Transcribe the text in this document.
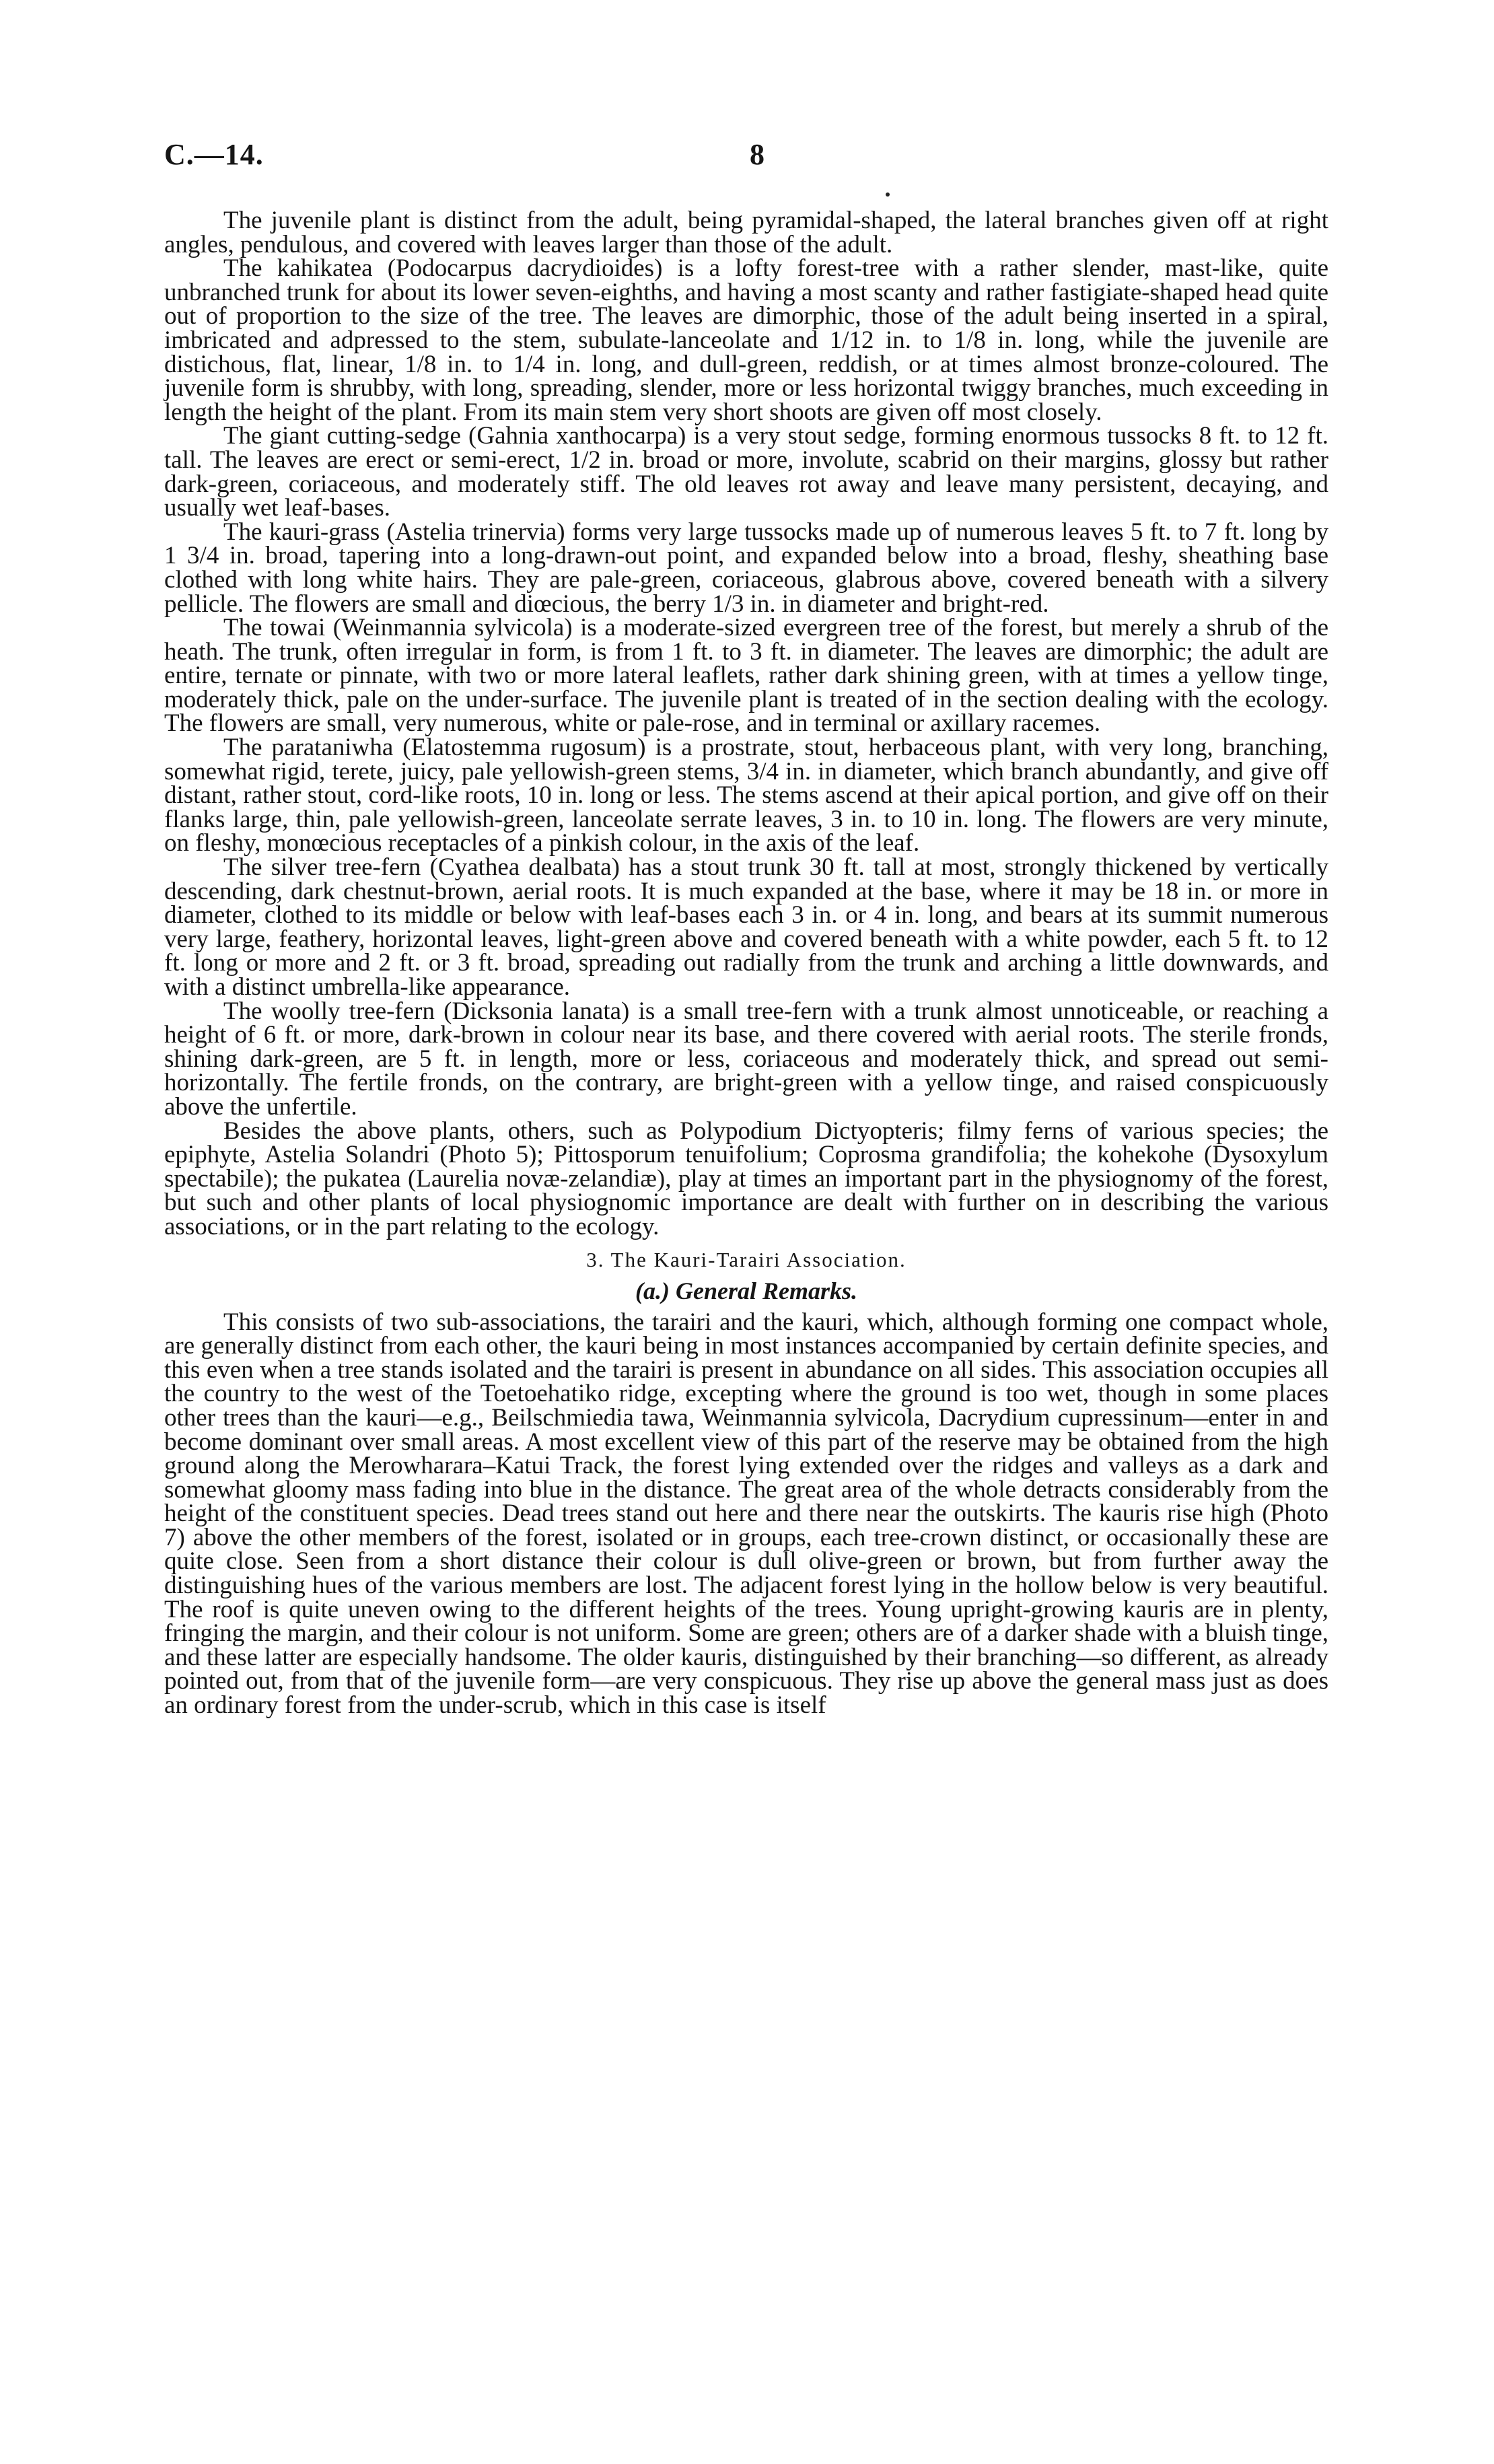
C.—14.	8

The juvenile plant is distinct from the adult, being pyramidal-shaped, the lateral branches given off at right angles, pendulous, and covered with leaves larger than those of the adult.

The kahikatea (Podocarpus dacrydioides) is a lofty forest-tree with a rather slender, mast-like, quite unbranched trunk for about its lower seven-eighths, and having a most scanty and rather fastigiate-shaped head quite out of proportion to the size of the tree. The leaves are dimorphic, those of the adult being inserted in a spiral, imbricated and adpressed to the stem, subulate-lanceolate and 1/12 in. to 1/8 in. long, while the juvenile are distichous, flat, linear, 1/8 in. to 1/4 in. long, and dull-green, reddish, or at times almost bronze-coloured. The juvenile form is shrubby, with long, spreading, slender, more or less horizontal twiggy branches, much exceeding in length the height of the plant. From its main stem very short shoots are given off most closely.

The giant cutting-sedge (Gahnia xanthocarpa) is a very stout sedge, forming enormous tussocks 8 ft. to 12 ft. tall. The leaves are erect or semi-erect, 1/2 in. broad or more, involute, scabrid on their margins, glossy but rather dark-green, coriaceous, and moderately stiff. The old leaves rot away and leave many persistent, decaying, and usually wet leaf-bases.

The kauri-grass (Astelia trinervia) forms very large tussocks made up of numerous leaves 5 ft. to 7 ft. long by 1 3/4 in. broad, tapering into a long-drawn-out point, and expanded below into a broad, fleshy, sheathing base clothed with long white hairs. They are pale-green, coriaceous, glabrous above, covered beneath with a silvery pellicle. The flowers are small and diœcious, the berry 1/3 in. in diameter and bright-red.

The towai (Weinmannia sylvicola) is a moderate-sized evergreen tree of the forest, but merely a shrub of the heath. The trunk, often irregular in form, is from 1 ft. to 3 ft. in diameter. The leaves are dimorphic; the adult are entire, ternate or pinnate, with two or more lateral leaflets, rather dark shining green, with at times a yellow tinge, moderately thick, pale on the under-surface. The juvenile plant is treated of in the section dealing with the ecology. The flowers are small, very numerous, white or pale-rose, and in terminal or axillary racemes.

The parataniwha (Elatostemma rugosum) is a prostrate, stout, herbaceous plant, with very long, branching, somewhat rigid, terete, juicy, pale yellowish-green stems, 3/4 in. in diameter, which branch abundantly, and give off distant, rather stout, cord-like roots, 10 in. long or less. The stems ascend at their apical portion, and give off on their flanks large, thin, pale yellowish-green, lanceolate serrate leaves, 3 in. to 10 in. long. The flowers are very minute, on fleshy, monœcious receptacles of a pinkish colour, in the axis of the leaf.

The silver tree-fern (Cyathea dealbata) has a stout trunk 30 ft. tall at most, strongly thickened by vertically descending, dark chestnut-brown, aerial roots. It is much expanded at the base, where it may be 18 in. or more in diameter, clothed to its middle or below with leaf-bases each 3 in. or 4 in. long, and bears at its summit numerous very large, feathery, horizontal leaves, light-green above and covered beneath with a white powder, each 5 ft. to 12 ft. long or more and 2 ft. or 3 ft. broad, spreading out radially from the trunk and arching a little downwards, and with a distinct umbrella-like appearance.

The woolly tree-fern (Dicksonia lanata) is a small tree-fern with a trunk almost unnoticeable, or reaching a height of 6 ft. or more, dark-brown in colour near its base, and there covered with aerial roots. The sterile fronds, shining dark-green, are 5 ft. in length, more or less, coriaceous and moderately thick, and spread out semi-horizontally. The fertile fronds, on the contrary, are bright-green with a yellow tinge, and raised conspicuously above the unfertile.

Besides the above plants, others, such as Polypodium Dictyopteris; filmy ferns of various species; the epiphyte, Astelia Solandri (Photo 5); Pittosporum tenuifolium; Coprosma grandifolia; the kohekohe (Dysoxylum spectabile); the pukatea (Laurelia novæ-zelandiæ), play at times an important part in the physiognomy of the forest, but such and other plants of local physiognomic importance are dealt with further on in describing the various associations, or in the part relating to the ecology.

3. The Kauri-Tarairi Association.

(a.) General Remarks.

This consists of two sub-associations, the tarairi and the kauri, which, although forming one compact whole, are generally distinct from each other, the kauri being in most instances accompanied by certain definite species, and this even when a tree stands isolated and the tarairi is present in abundance on all sides. This association occupies all the country to the west of the Toetoehatiko ridge, excepting where the ground is too wet, though in some places other trees than the kauri—e.g., Beilschmiedia tawa, Weinmannia sylvicola, Dacrydium cupressinum—enter in and become dominant over small areas. A most excellent view of this part of the reserve may be obtained from the high ground along the Merowharara–Katui Track, the forest lying extended over the ridges and valleys as a dark and somewhat gloomy mass fading into blue in the distance. The great area of the whole detracts considerably from the height of the constituent species. Dead trees stand out here and there near the outskirts. The kauris rise high (Photo 7) above the other members of the forest, isolated or in groups, each tree-crown distinct, or occasionally these are quite close. Seen from a short distance their colour is dull olive-green or brown, but from further away the distinguishing hues of the various members are lost. The adjacent forest lying in the hollow below is very beautiful. The roof is quite uneven owing to the different heights of the trees. Young upright-growing kauris are in plenty, fringing the margin, and their colour is not uniform. Some are green; others are of a darker shade with a bluish tinge, and these latter are especially handsome. The older kauris, distinguished by their branching—so different, as already pointed out, from that of the juvenile form—are very conspicuous. They rise up above the general mass just as does an ordinary forest from the under-scrub, which in this case is itself
